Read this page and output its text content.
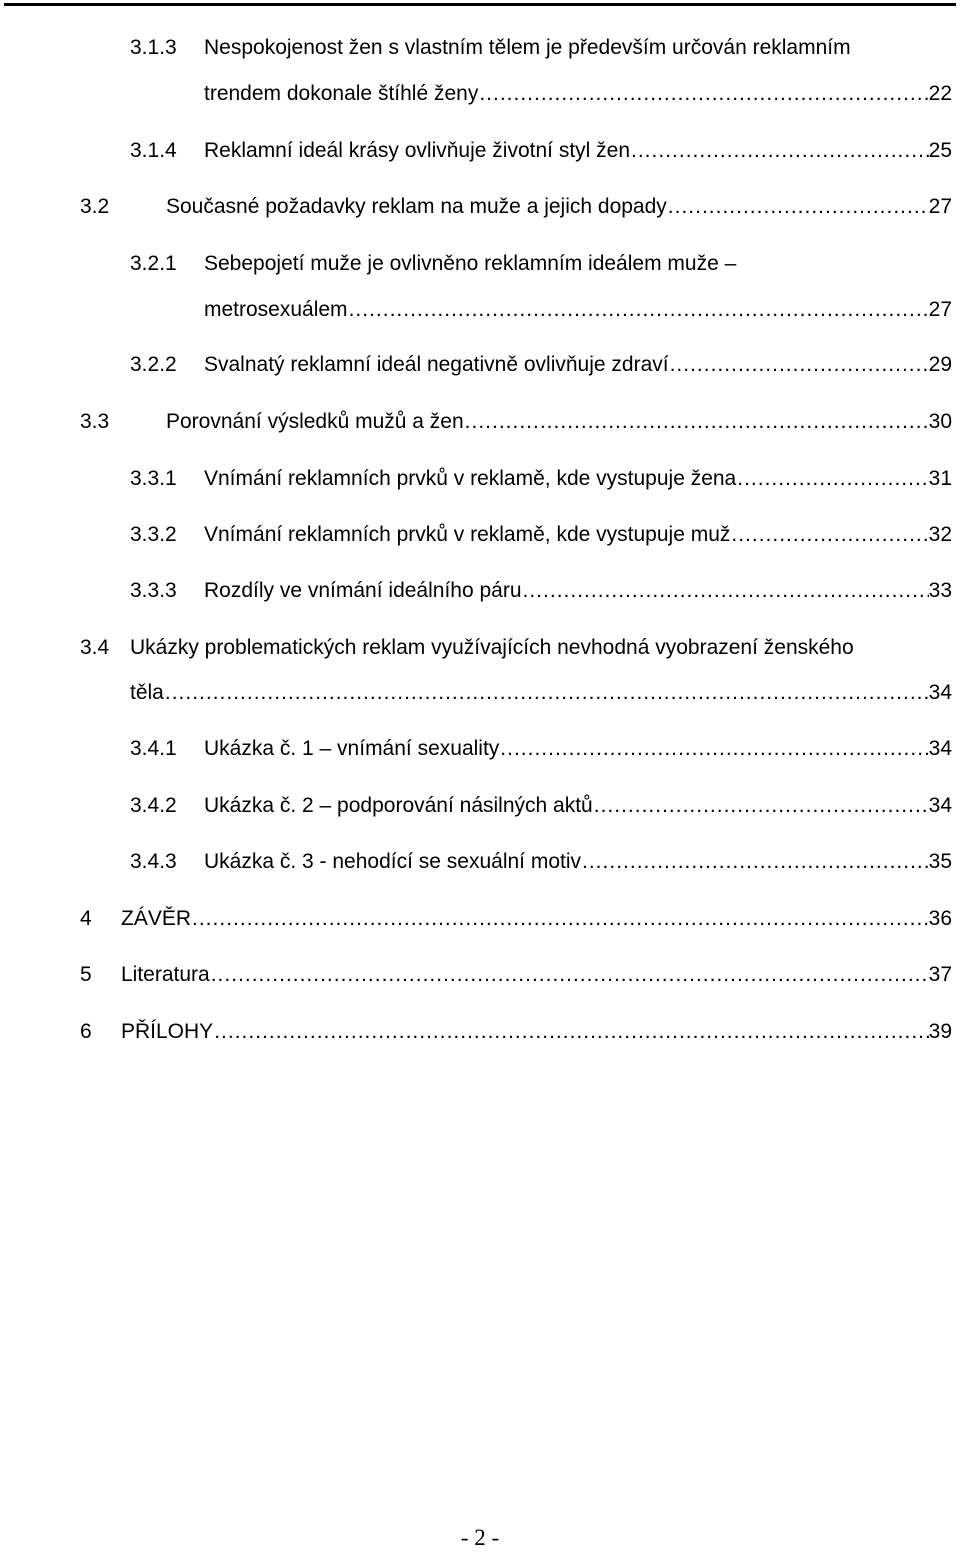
3.1.3 Nespokojenost žen s vlastním tělem je především určován reklamním
trendem dokonale štíhlé ženy .....	22
3.1.4 Reklamní ideál krásy ovlivňuje životní styl žen .....	25
3.2	Současné požadavky reklam na muže a jejich dopady .....	27
3.2.1 Sebepojetí muže je ovlivněno reklamním ideálem muže –
metrosexuálem .....	27
3.2.2 Svalnatý reklamní ideál negativně ovlivňuje zdraví .....	29
3.3	Porovnání výsledků mužů a žen .....	30
3.3.1 Vnímání reklamních prvků v reklamě, kde vystupuje žena .....	31
3.3.2 Vnímání reklamních prvků v reklamě, kde vystupuje muž .....	32
3.3.3 Rozdíly ve vnímání ideálního páru .....	33
3.4 Ukázky problematických reklam využívajících nevhodná vyobrazení ženského
těla .....	34
3.4.1 Ukázka č. 1 – vnímání sexuality .....	34
3.4.2 Ukázka č. 2 – podporování násilných aktů .....	34
3.4.3 Ukázka č. 3 - nehodící se sexuální motiv .....	35
4 ZÁVĚR .....	36
5 Literatura .....	37
6 PŘÍLOHY .....	39
- 2 -
